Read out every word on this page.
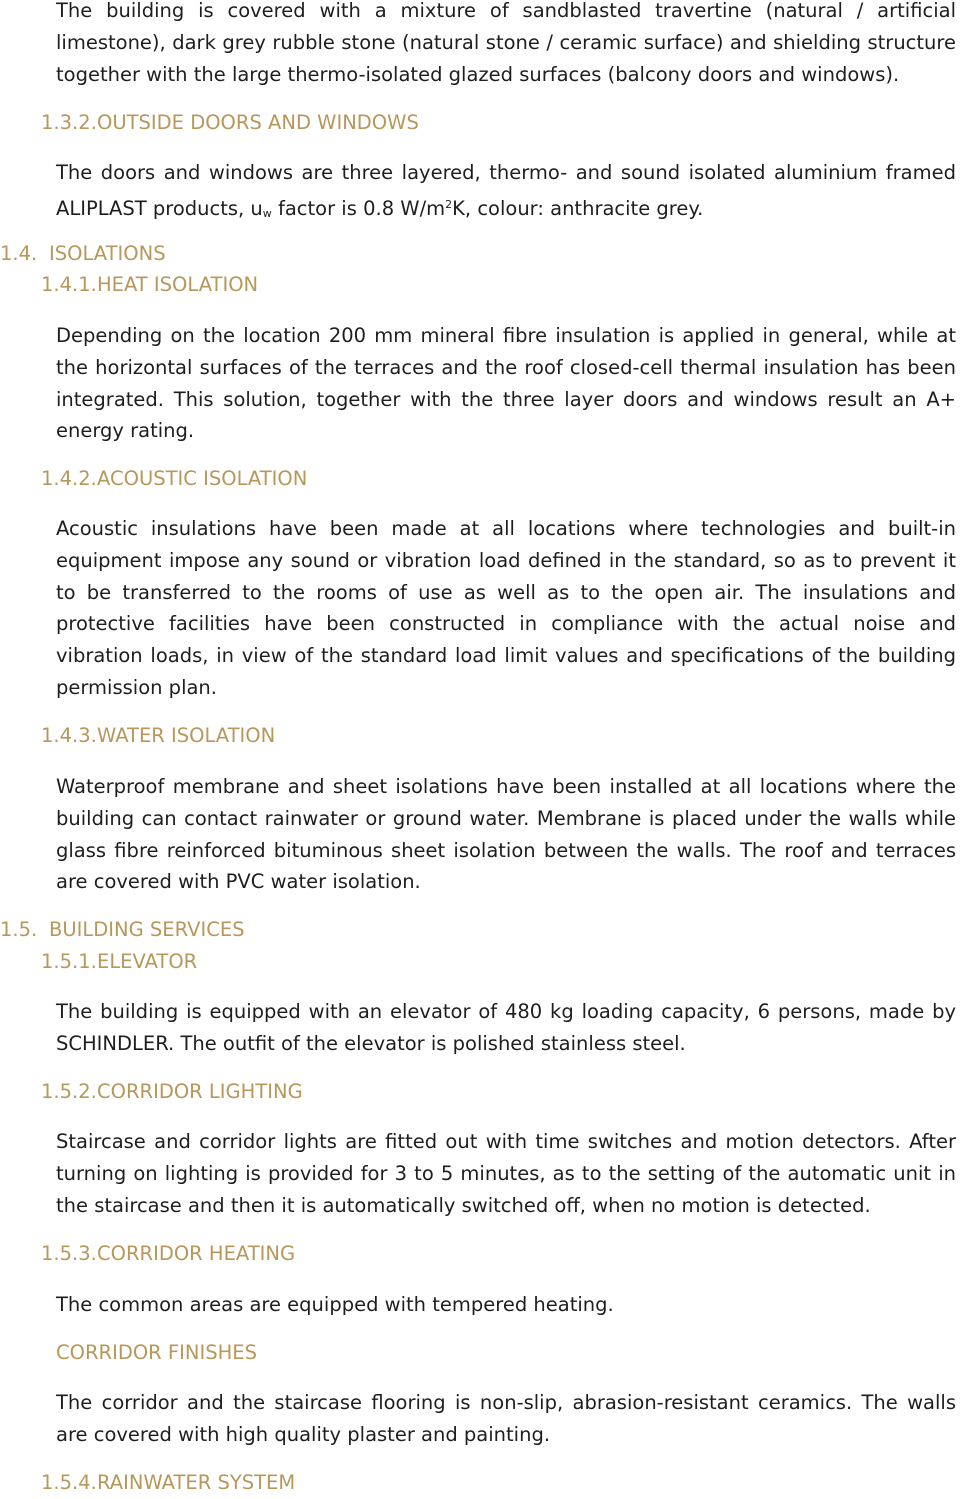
The building is covered with a mixture of sandblasted travertine (natural / artificial limestone), dark grey rubble stone (natural stone / ceramic surface) and shielding structure together with the large thermo-isolated glazed surfaces (balcony doors and windows).

1.3.2.OUTSIDE DOORS AND WINDOWS

The doors and windows are three layered, thermo- and sound isolated aluminium framed ALIPLAST products, $u_w$ factor is 0.8 $W/m^2K$, colour: anthracite grey.

1.4. ISOLATIONS
1.4.1.HEAT ISOLATION

Depending on the location 200 mm mineral fibre insulation is applied in general, while at the horizontal surfaces of the terraces and the roof closed-cell thermal insulation has been integrated. This solution, together with the three layer doors and windows result an A+ energy rating.

1.4.2.ACOUSTIC ISOLATION

Acoustic insulations have been made at all locations where technologies and built-in equipment impose any sound or vibration load defined in the standard, so as to prevent it to be transferred to the rooms of use as well as to the open air. The insulations and protective facilities have been constructed in compliance with the actual noise and vibration loads, in view of the standard load limit values and specifications of the building permission plan.

1.4.3.WATER ISOLATION

Waterproof membrane and sheet isolations have been installed at all locations where the building can contact rainwater or ground water. Membrane is placed under the walls while glass fibre reinforced bituminous sheet isolation between the walls. The roof and terraces are covered with PVC water isolation.

1.5. BUILDING SERVICES
1.5.1.ELEVATOR

The building is equipped with an elevator of 480 kg loading capacity, 6 persons, made by SCHINDLER. The outfit of the elevator is polished stainless steel.

1.5.2.CORRIDOR LIGHTING

Staircase and corridor lights are fitted out with time switches and motion detectors. After turning on lighting is provided for 3 to 5 minutes, as to the setting of the automatic unit in the staircase and then it is automatically switched off, when no motion is detected.

1.5.3.CORRIDOR HEATING

The common areas are equipped with tempered heating.

CORRIDOR FINISHES

The corridor and the staircase flooring is non-slip, abrasion-resistant ceramics. The walls are covered with high quality plaster and painting.

1.5.4.RAINWATER SYSTEM
